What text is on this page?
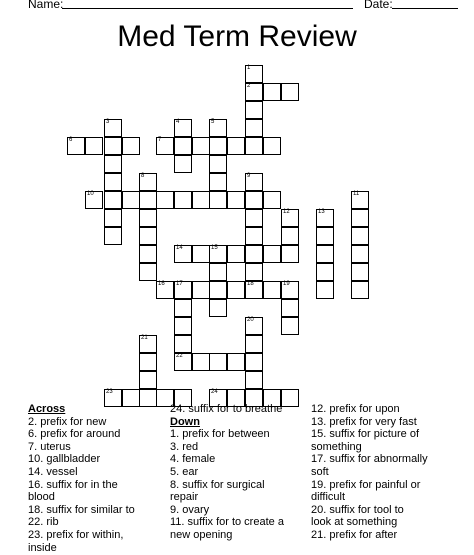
Name:	Date:
Med Term Review
1
2
3	4	5
6	7
8	9
10	11
12	13
14	15
16 17	18	19
20
21
22
23	24
Across
2. prefix for new
6. prefix for around
7. uterus
10. gallbladder
14. vessel
16. suffix for in the
blood
18. suffix for similar to
22. rib
23. prefix for within,
inside
24. suffix for to breathe
Down
1. prefix for between
3. red
4. female
5. ear
8. suffix for surgical
repair
9. ovary
11. suffix for to create a
new opening
12. prefix for upon
13. prefix for very fast
15. suffix for picture of
something
17. suffix for abnormally
soft
19. prefix for painful or
difficult
20. suffix for tool to
look at something
21. prefix for after
